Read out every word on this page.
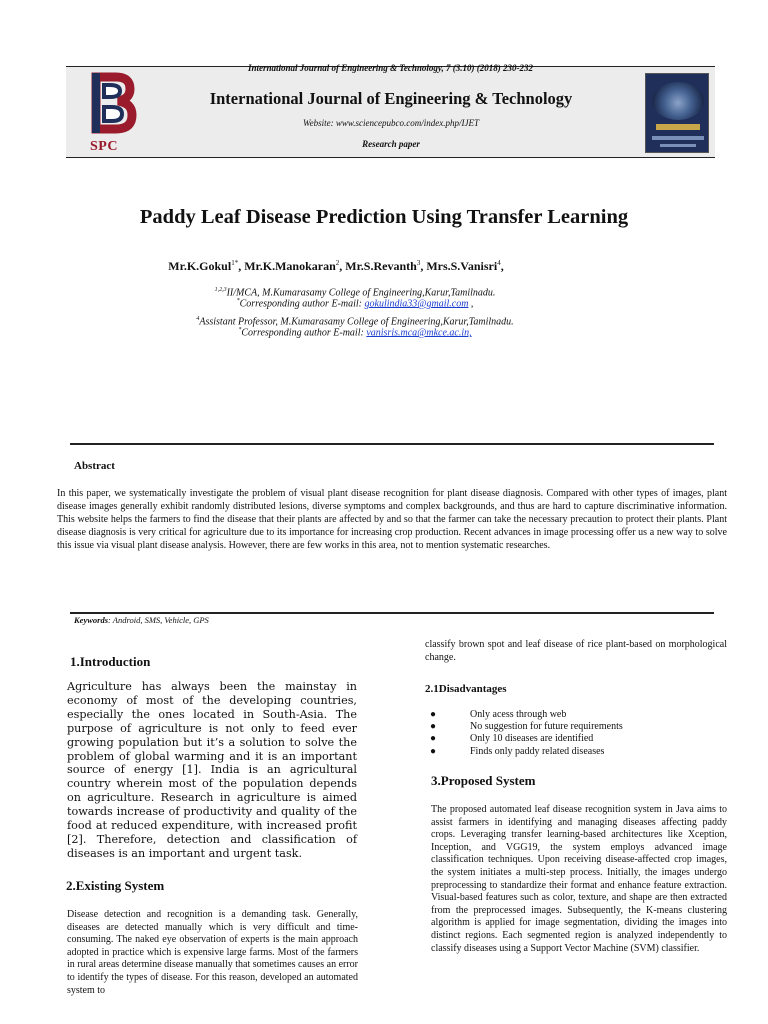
SPC
International Journal of Engineering & Technology, 7 (3.10) (2018) 230-232
International Journal of Engineering & Technology
Website: www.sciencepubco.com/index.php/IJET
Research paper
Paddy Leaf Disease Prediction Using Transfer Learning
Mr.K.Gokul$^{1*}$, Mr.K.Manokaran$^2$, Mr.S.Revanth$^3$, Mrs.S.Vanisri$^4$,
$^{1,2,3}$II/MCA, M.Kumarasamy College of Engineering,Karur,Tamilnadu.
*Corresponding author E-mail: gokulindia33@gmail.com ,
$^4$Assistant Professor, M.Kumarasamy College of Engineering,Karur,Tamilnadu.
*Corresponding author E-mail: vanisris.mca@mkce.ac.in,
Abstract
In this paper, we systematically investigate the problem of visual plant disease recognition for plant disease diagnosis. Compared with other types of images, plant disease images generally exhibit randomly distributed lesions, diverse symptoms and complex backgrounds, and thus are hard to capture discriminative information. This website helps the farmers to find the disease that their plants are affected by and so that the farmer can take the necessary precaution to protect their plants. Plant disease diagnosis is very critical for agriculture due to its importance for increasing crop production. Recent advances in image processing offer us a new way to solve this issue via visual plant disease analysis. However, there are few works in this area, not to mention systematic researches.
Keywords: Android, SMS, Vehicle, GPS
1.Introduction
Agriculture has always been the mainstay in economy of most of the developing countries, especially the ones located in South-Asia. The purpose of agriculture is not only to feed ever growing population but it’s a solution to solve the problem of global warming and it is an important source of energy [1]. India is an agricultural country wherein most of the population depends on agriculture. Research in agriculture is aimed towards increase of productivity and quality of the food at reduced expenditure, with increased profit [2]. Therefore, detection and classification of diseases is an important and urgent task.
2.Existing System
Disease detection and recognition is a demanding task. Generally, diseases are detected manually which is very difficult and time-consuming. The naked eye observation of experts is the main approach adopted in practice which is expensive large farms. Most of the farmers in rural areas determine disease manually that sometimes causes an error to identify the types of disease. For this reason, developed an automated system to
classify brown spot and leaf disease of rice plant-based on morphological change.
2.1Disadvantages
●	Only acess through web
●	No suggestion for future requirements
●	Only 10 diseases are identified
●	Finds only paddy related diseases
3.Proposed System
The proposed automated leaf disease recognition system in Java aims to assist farmers in identifying and managing diseases affecting paddy crops. Leveraging transfer learning-based architectures like Xception, Inception, and VGG19, the system employs advanced image classification techniques. Upon receiving disease-affected crop images, the system initiates a multi-step process. Initially, the images undergo preprocessing to standardize their format and enhance feature extraction. Visual-based features such as color, texture, and shape are then extracted from the preprocessed images. Subsequently, the K-means clustering algorithm is applied for image segmentation, dividing the images into distinct regions. Each segmented region is analyzed independently to classify diseases using a Support Vector Machine (SVM) classifier.
